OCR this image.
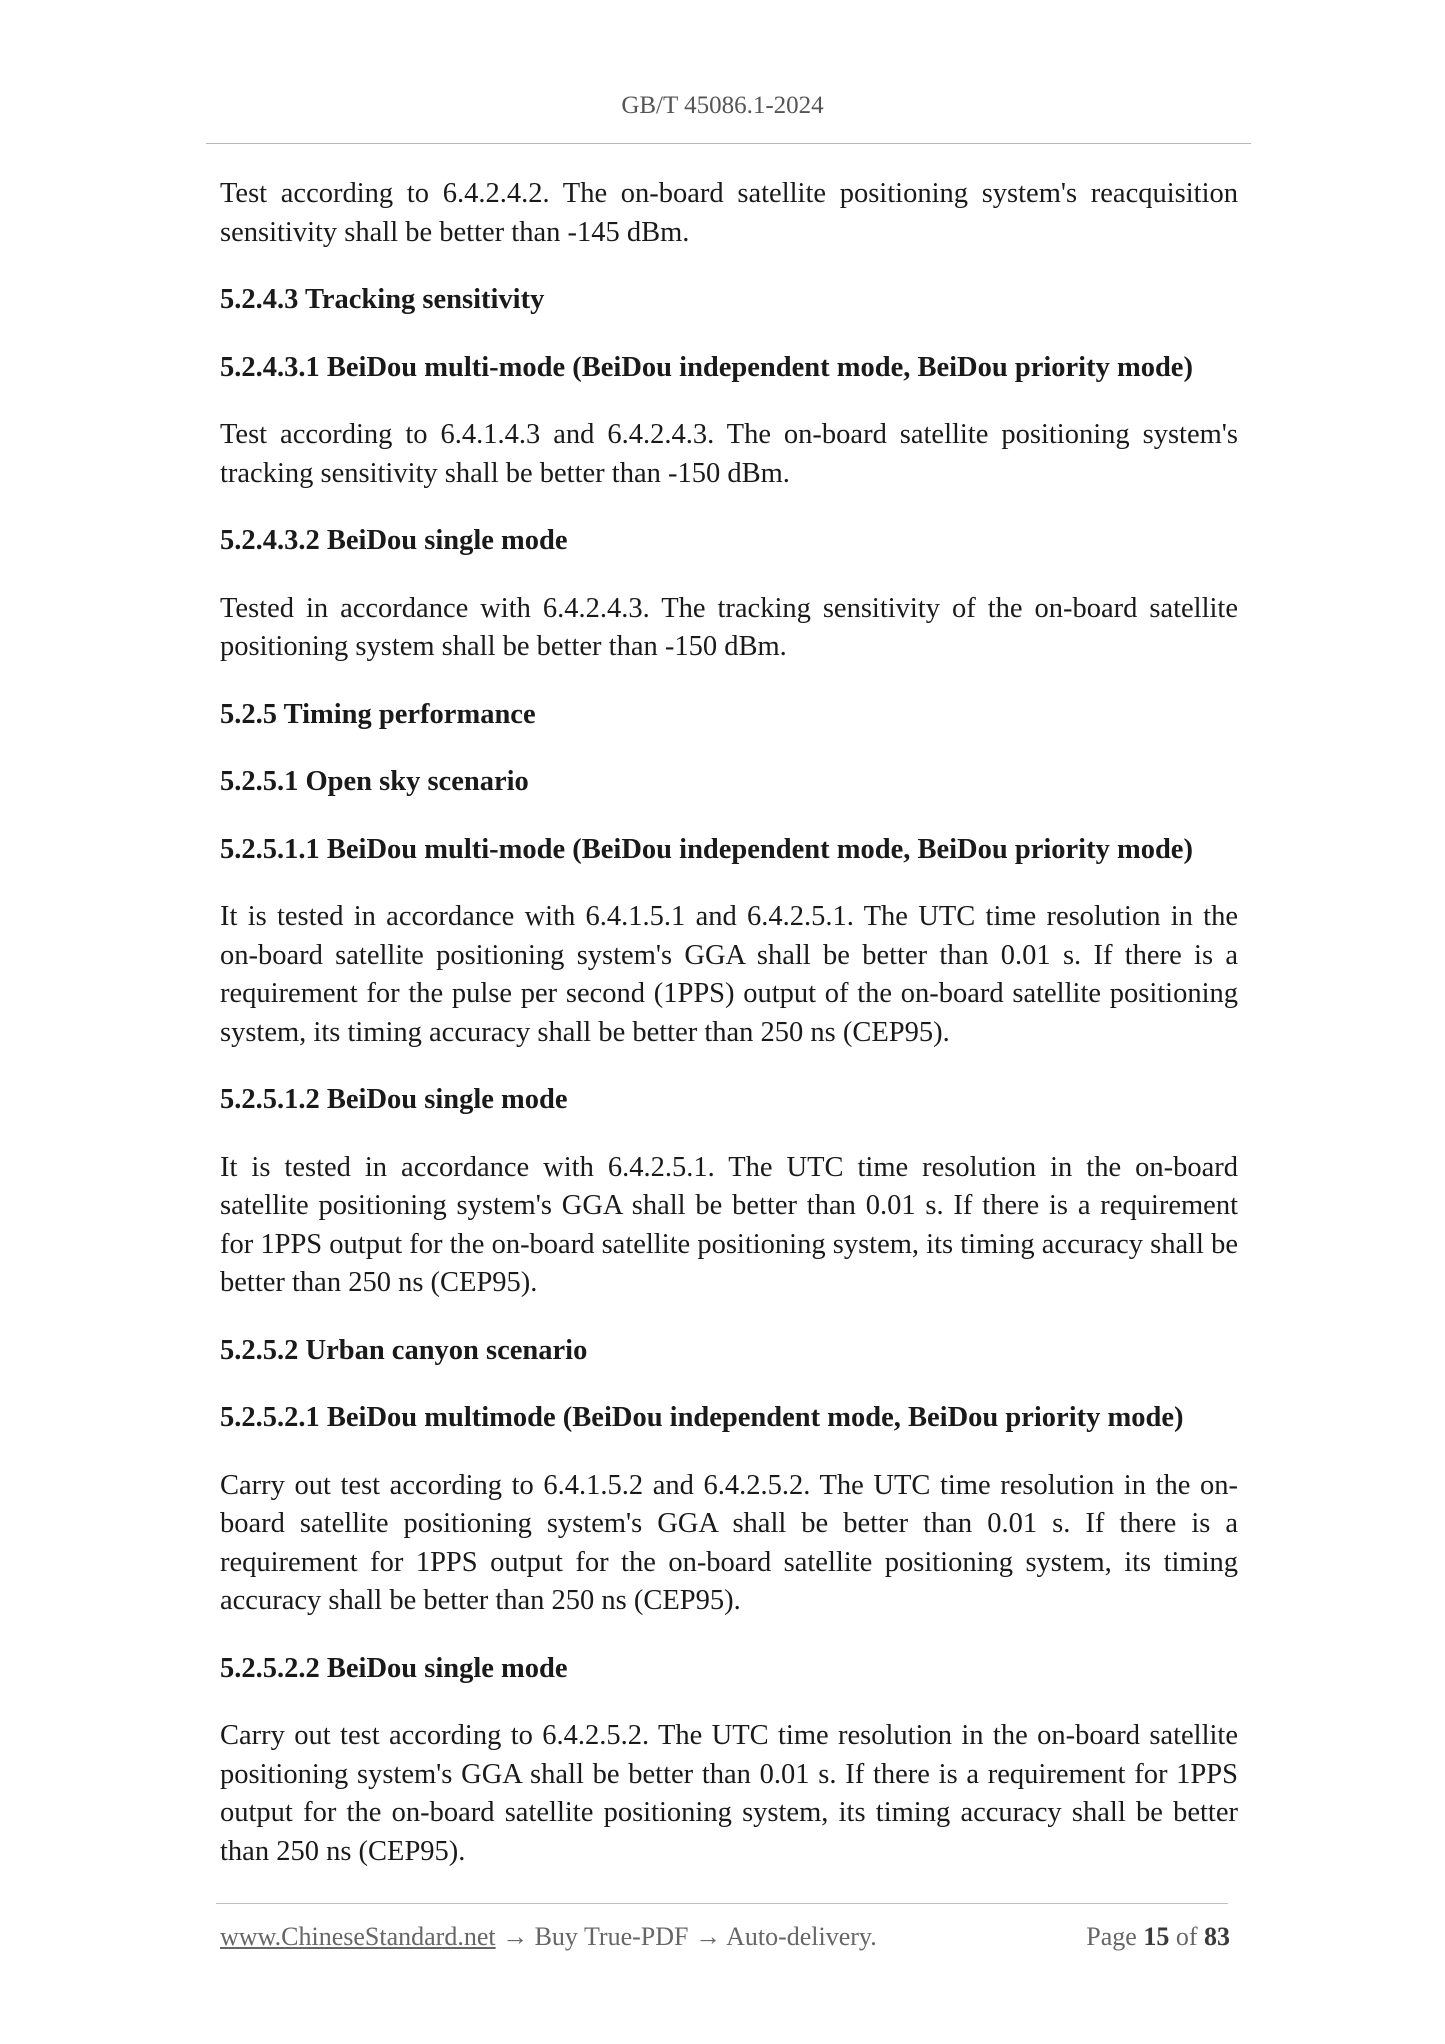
GB/T 45086.1-2024

Test according to 6.4.2.4.2. The on-board satellite positioning system's reacquisition sensitivity shall be better than -145 dBm.

5.2.4.3 Tracking sensitivity

5.2.4.3.1 BeiDou multi-mode (BeiDou independent mode, BeiDou priority mode)

Test according to 6.4.1.4.3 and 6.4.2.4.3. The on-board satellite positioning system's tracking sensitivity shall be better than -150 dBm.

5.2.4.3.2 BeiDou single mode

Tested in accordance with 6.4.2.4.3. The tracking sensitivity of the on-board satellite positioning system shall be better than -150 dBm.

5.2.5 Timing performance

5.2.5.1 Open sky scenario

5.2.5.1.1 BeiDou multi-mode (BeiDou independent mode, BeiDou priority mode)

It is tested in accordance with 6.4.1.5.1 and 6.4.2.5.1. The UTC time resolution in the on-board satellite positioning system's GGA shall be better than 0.01 s. If there is a requirement for the pulse per second (1PPS) output of the on-board satellite positioning system, its timing accuracy shall be better than 250 ns (CEP95).

5.2.5.1.2 BeiDou single mode

It is tested in accordance with 6.4.2.5.1. The UTC time resolution in the on-board satellite positioning system's GGA shall be better than 0.01 s. If there is a requirement for 1PPS output for the on-board satellite positioning system, its timing accuracy shall be better than 250 ns (CEP95).

5.2.5.2 Urban canyon scenario

5.2.5.2.1 BeiDou multimode (BeiDou independent mode, BeiDou priority mode)

Carry out test according to 6.4.1.5.2 and 6.4.2.5.2. The UTC time resolution in the on-board satellite positioning system's GGA shall be better than 0.01 s. If there is a requirement for 1PPS output for the on-board satellite positioning system, its timing accuracy shall be better than 250 ns (CEP95).

5.2.5.2.2 BeiDou single mode

Carry out test according to 6.4.2.5.2. The UTC time resolution in the on-board satellite positioning system's GGA shall be better than 0.01 s. If there is a requirement for 1PPS output for the on-board satellite positioning system, its timing accuracy shall be better than 250 ns (CEP95).

www.ChineseStandard.net → Buy True-PDF → Auto-delivery.	Page 15 of 83
